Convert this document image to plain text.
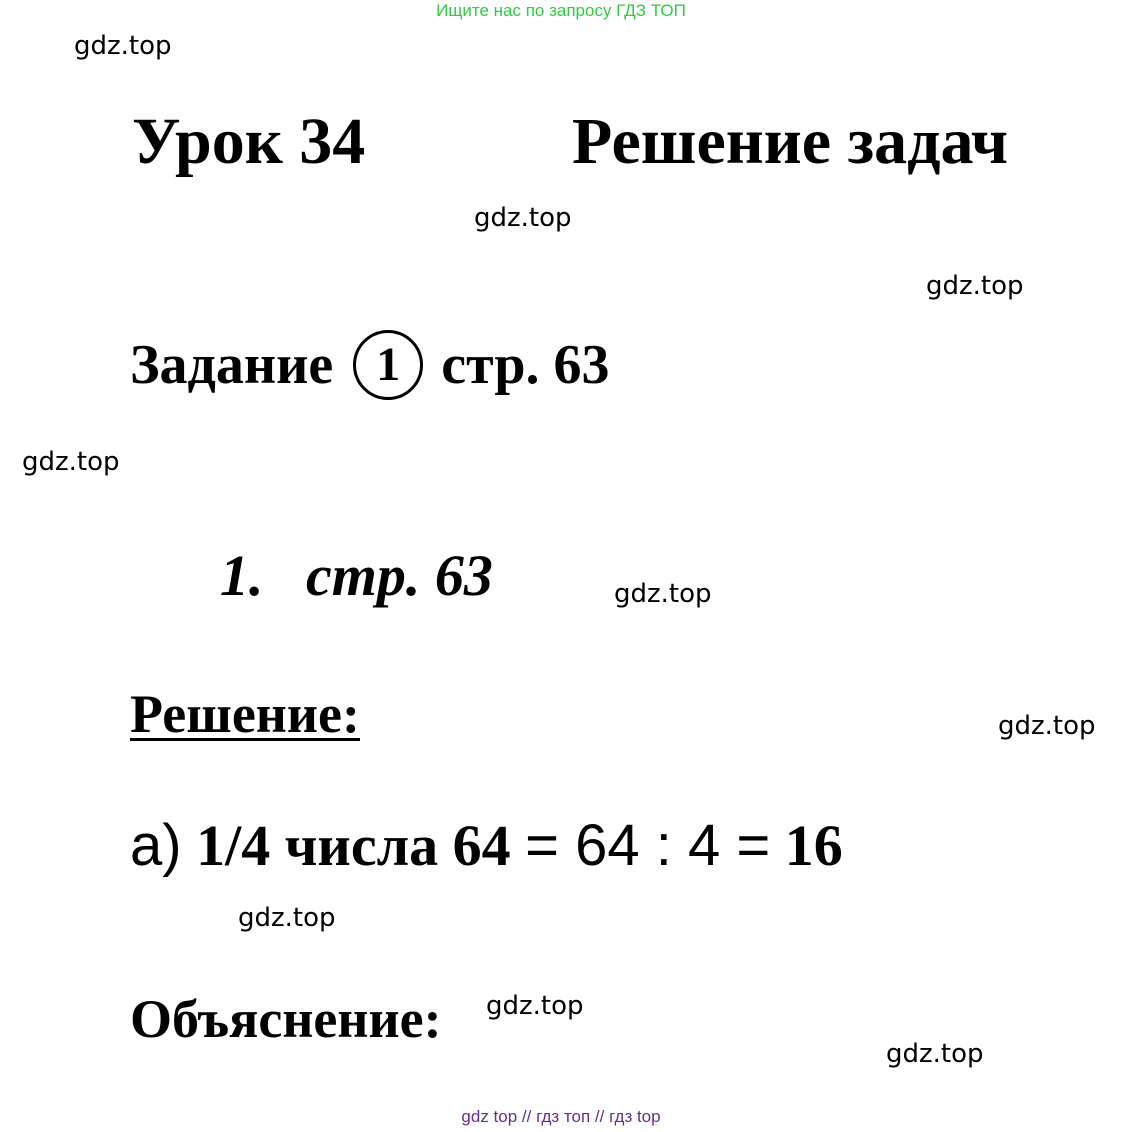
Ищите нас по запросу ГДЗ ТОП
gdz.top
gdz.top
gdz.top
gdz.top
gdz.top
gdz.top
gdz.top
gdz.top
gdz.top
Урок 34	Решение задач
Задание 1 стр. 63
1. стр. 63
Решение:
а) 1/4 числа 64 = 64 : 4 = 16
Объяснение:
gdz top // гдз топ // гдз top
